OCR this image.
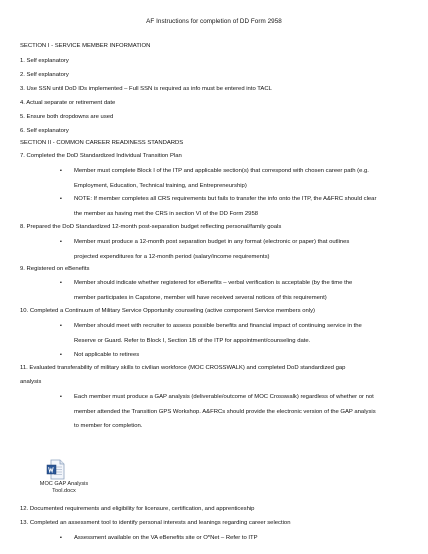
AF Instructions for completion of DD Form 2958
SECTION I - SERVICE MEMBER INFORMATION
1. Self explanatory
2. Self explanatory
3. Use SSN until DoD IDs implemented – Full SSN is required as info must be entered into TACL
4. Actual separate or retirement date
5. Ensure both dropdowns are used
6. Self explanatory
SECTION II - COMMON CAREER READINESS STANDARDS
7. Completed the DoD Standardized Individual Transition Plan
▪ Member must complete Block I of the ITP and applicable section(s) that correspond with chosen career path (e.g.
Employment, Education, Technical training, and Entrepreneurship)
▪ NOTE: If member completes all CRS requirements but fails to transfer the info onto the ITP, the A&FRC should clear
the member as having met the CRS in section VI of the DD Form 2958
8. Prepared the DoD Standardized 12-month post-separation budget reflecting personal/family goals
▪ Member must produce a 12-month post separation budget in any format (electronic or paper) that outlines
projected expenditures for a 12-month period (salary/income requirements)
9. Registered on eBenefits
▪ Member should indicate whether registered for eBenefits – verbal verification is acceptable (by the time the
member participates in Capstone, member will have received several notices of this requirement)
10. Completed a Continuum of Military Service Opportunity counseling (active component Service members only)
▪ Member should meet with recruiter to assess possible benefits and financial impact of continuing service in the
Reserve or Guard. Refer to Block I, Section 1B of the ITP for appointment/counseling date.
▪ Not applicable to retirees
11. Evaluated transferability of military skills to civilian workforce (MOC CROSSWALK) and completed DoD standardized gap
analysis
▪ Each member must produce a GAP analysis (deliverable/outcome of MOC Crosswalk) regardless of whether or not
member attended the Transition GPS Workshop. A&FRCs should provide the electronic version of the GAP analysis
to member for completion.
MOC GAP Analysis
Tool.docx
12. Documented requirements and eligibility for licensure, certification, and apprenticeship
13. Completed an assessment tool to identify personal interests and leanings regarding career selection
▪ Assessment available on the VA eBenefits site or O*Net – Refer to ITP
